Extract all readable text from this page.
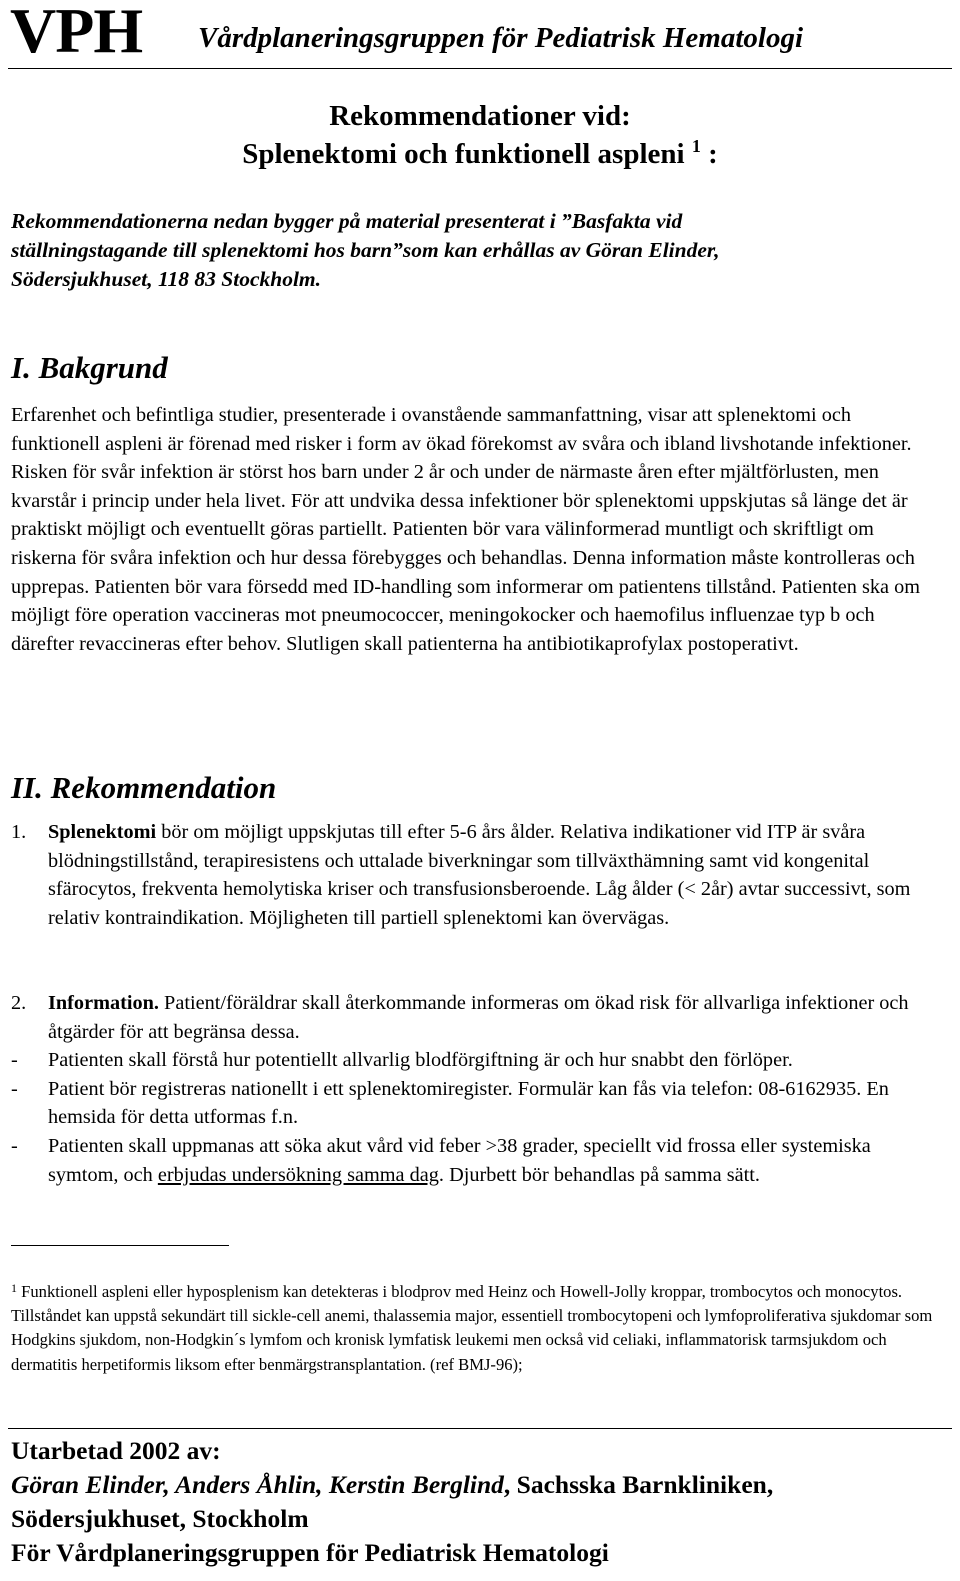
VPH Vårdplaneringsgruppen för Pediatrisk Hematologi
Rekommendationer vid:
Splenektomi och funktionell aspleni $^1$ :
Rekommendationerna nedan bygger på material presenterat i ”Basfakta vid
ställningstagande till splenektomi hos barn”som kan erhållas av Göran Elinder,
Södersjukhuset, 118 83 Stockholm.
I. Bakgrund

Erfarenhet och befintliga studier, presenterade i ovanstående sammanfattning, visar att splenektomi och funktionell aspleni är förenad med risker i form av ökad förekomst av svåra och ibland livshotande infektioner.

Risken för svår infektion är störst hos barn under 2 år och under de närmaste åren efter mjältförlusten, men kvarstår i princip under hela livet. För att undvika dessa infektioner bör splenektomi uppskjutas så länge det är praktiskt möjligt och eventuellt göras partiellt. Patienten bör vara välinformerad muntligt och skriftligt om riskerna för svåra infektion och hur dessa förebygges och behandlas. Denna information måste kontrolleras och upprepas. Patienten bör vara försedd med ID-handling som informerar om patientens tillstånd. Patienten ska om möjligt före operation vaccineras mot pneumococcer, meningokocker och haemofilus influenzae typ b och därefter revaccineras efter behov. Slutligen skall patienterna ha antibiotikaprofylax postoperativt.

II. Rekommendation
1.	Splenektomi bör om möjligt uppskjutas till efter 5-6 års ålder. Relativa indikationer vid ITP är svåra blödningstillstånd, terapiresistens och uttalade biverkningar som tillväxthämning samt vid kongenital sfärocytos, frekventa hemolytiska kriser och transfusionsberoende. Låg ålder (< 2år) avtar successivt, som relativ kontraindikation. Möjligheten till partiell splenektomi kan övervägas.
2.	Information. Patient/föräldrar skall återkommande informeras om ökad risk för allvarliga infektioner och åtgärder för att begränsa dessa.
-	Patienten skall förstå hur potentiellt allvarlig blodförgiftning är och hur snabbt den förlöper.
-	Patient bör registreras nationellt i ett splenektomiregister. Formulär kan fås via telefon: 08-6162935. En hemsida för detta utformas f.n.
-	Patienten skall uppmanas att söka akut vård vid feber >38 grader, speciellt vid frossa eller systemiska symtom, och erbjudas undersökning samma dag. Djurbett bör behandlas på samma sätt.
$^1$ Funktionell aspleni eller hyposplenism kan detekteras i blodprov med Heinz och Howell-Jolly kroppar, trombocytos och monocytos. Tillståndet kan uppstå sekundärt till sickle-cell anemi, thalassemia major, essentiell trombocytopeni och lymfoproliferativa sjukdomar som Hodgkins sjukdom, non-Hodgkin´s lymfom och kronisk lymfatisk leukemi men också vid celiaki, inflammatorisk tarmsjukdom och dermatitis herpetiformis liksom efter benmärgstransplantation. (ref BMJ-96);
Utarbetad 2002 av:
Göran Elinder, Anders Åhlin, Kerstin Berglind, Sachsska Barnkliniken,
Södersjukhuset, Stockholm
För Vårdplaneringsgruppen för Pediatrisk Hematologi
